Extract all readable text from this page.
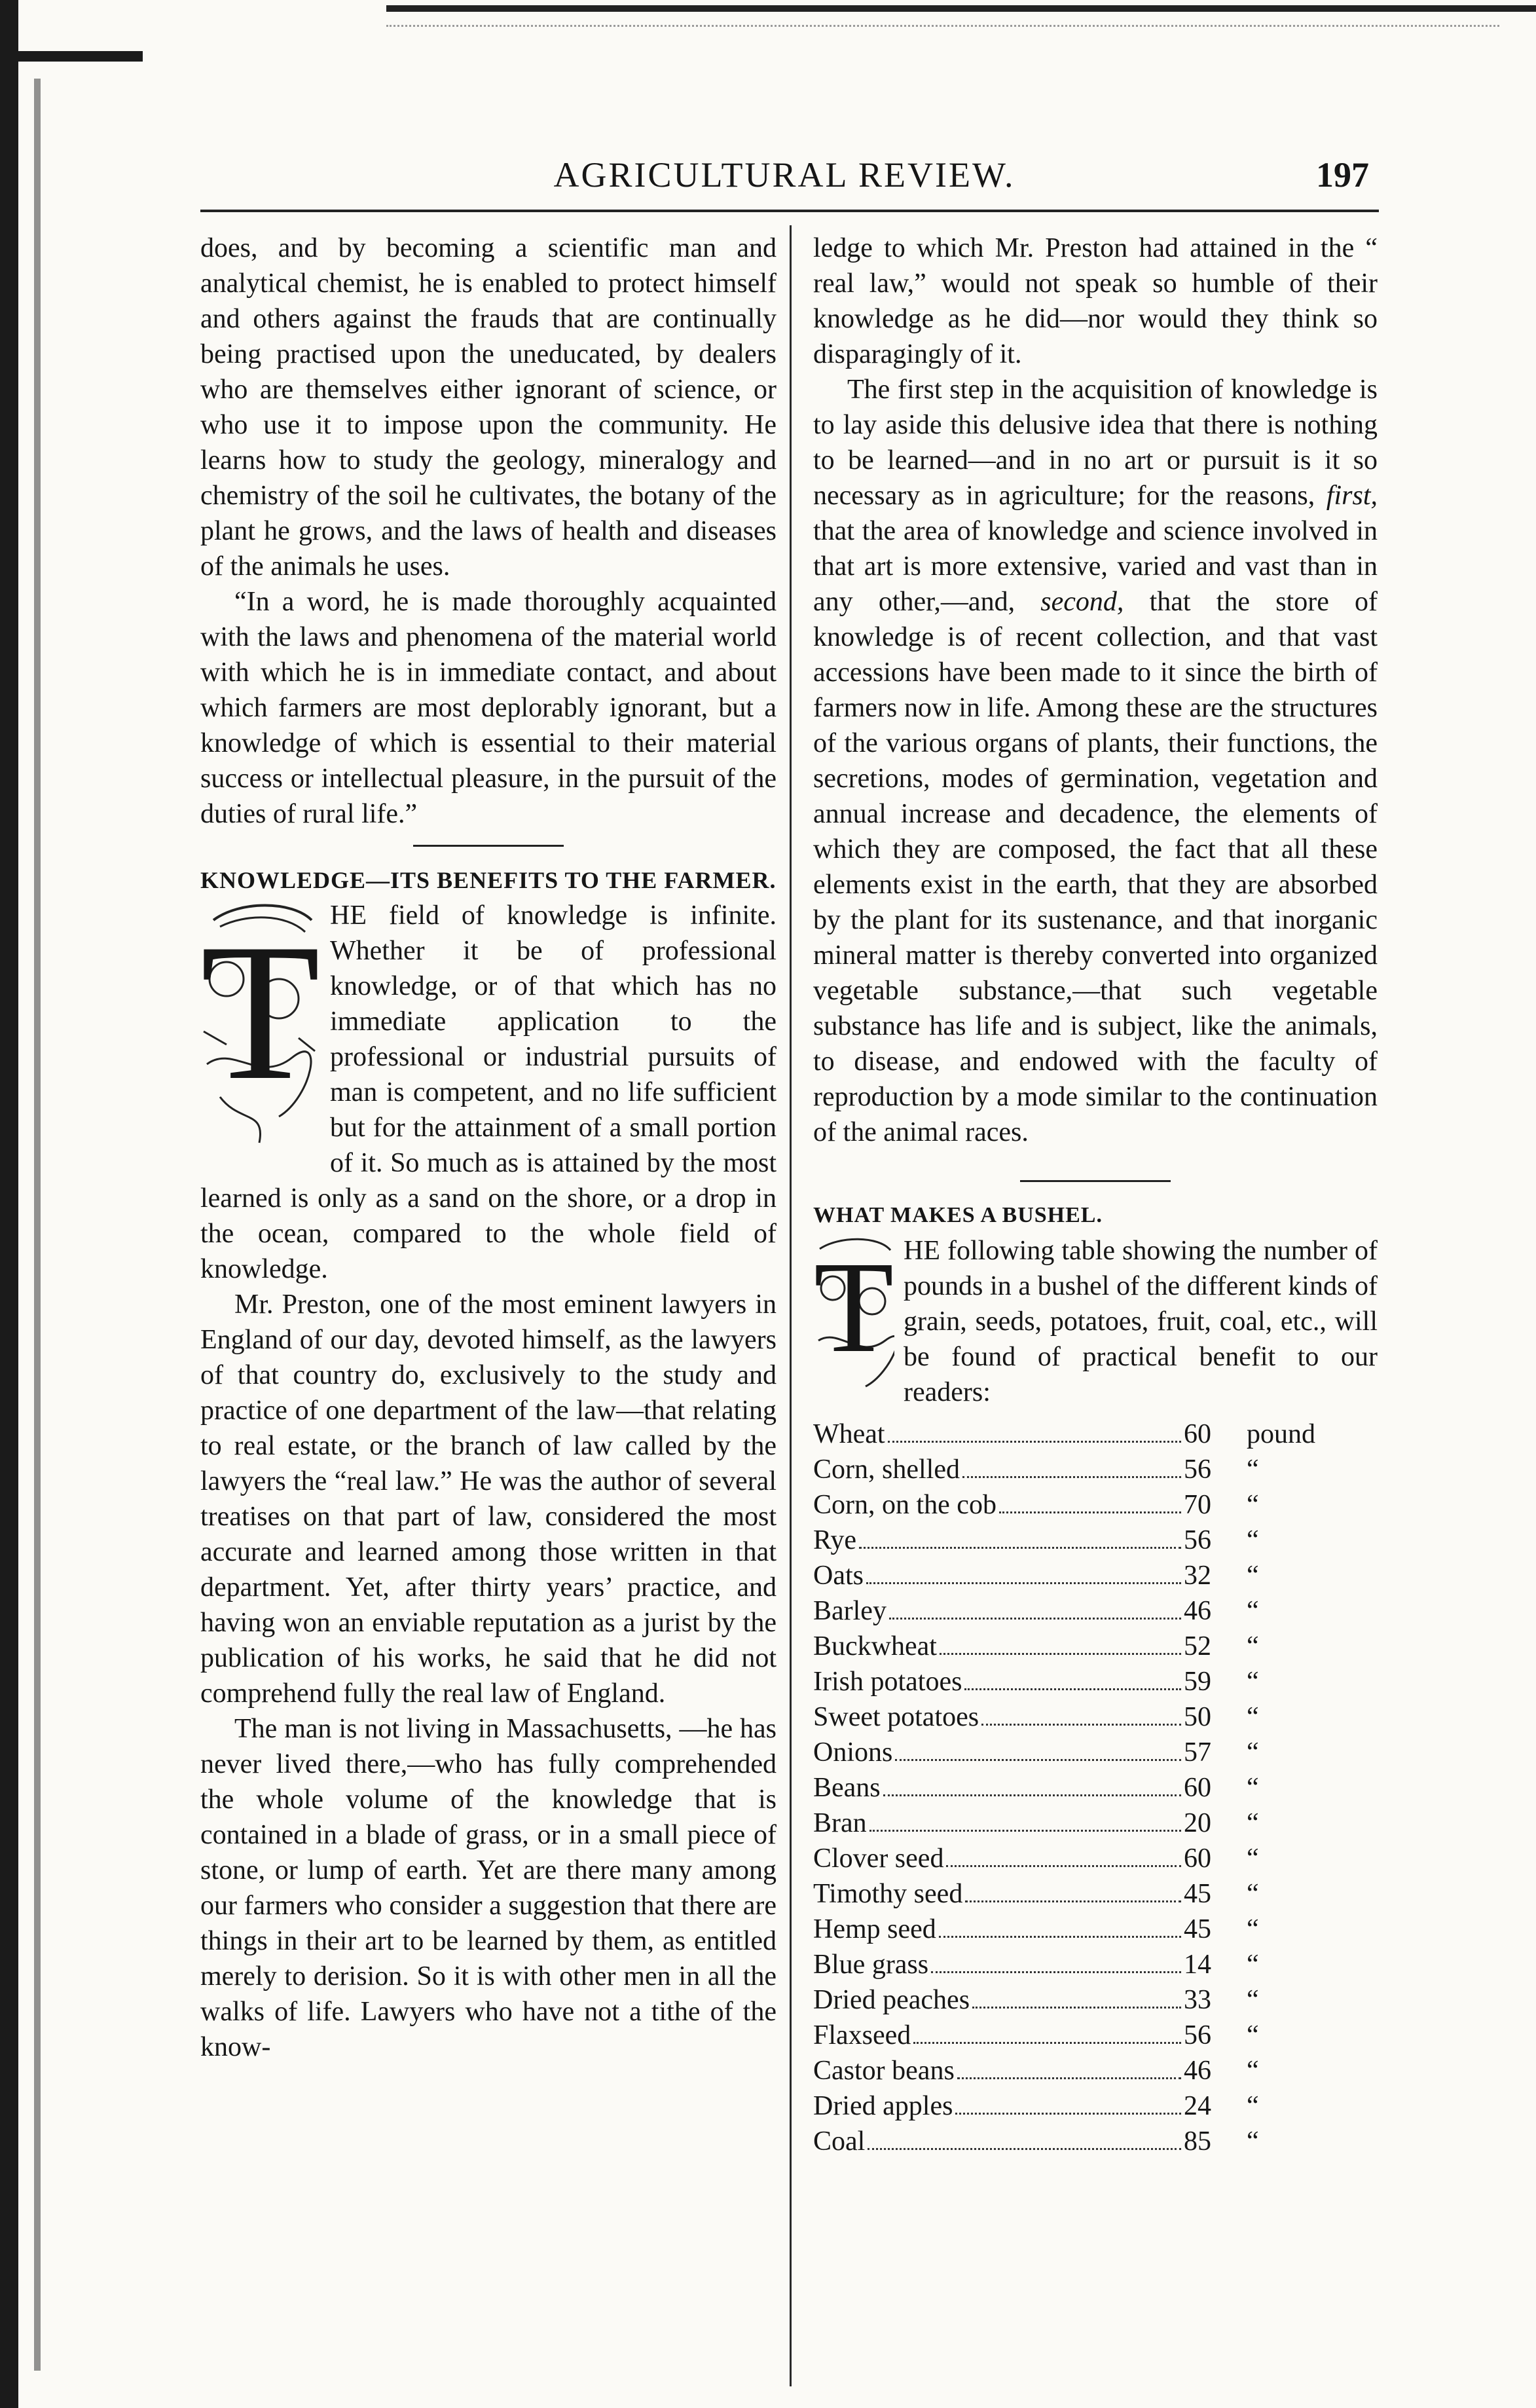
AGRICULTURAL REVIEW.	197

does, and by becoming a scientific man and analytical chemist, he is enabled to protect himself and others against the frauds that are continually being practised upon the uneducated, by dealers who are themselves either ignorant of science, or who use it to impose upon the community. He learns how to study the geology, mineralogy and chemistry of the soil he cultivates, the botany of the plant he grows, and the laws of health and diseases of the animals he uses.

“In a word, he is made thoroughly acquainted with the laws and phenomena of the material world with which he is in immediate contact, and about which farmers are most deplorably ignorant, but a knowledge of which is essential to their material success or intellectual pleasure, in the pursuit of the duties of rural life.”

KNOWLEDGE—ITS BENEFITS TO THE FARMER.

T HE field of knowledge is infinite. Whether it be of professional knowledge, or of that which has no immediate application to the professional or industrial pursuits of man is competent, and no life sufficient but for the attainment of a small portion of it. So much as is attained by the most learned is only as a sand on the shore, or a drop in the ocean, compared to the whole field of knowledge.

Mr. Preston, one of the most eminent lawyers in England of our day, devoted himself, as the lawyers of that country do, exclusively to the study and practice of one department of the law—that relating to real estate, or the branch of law called by the lawyers the “real law.” He was the author of several treatises on that part of law, considered the most accurate and learned among those written in that department. Yet, after thirty years’ practice, and having won an enviable reputation as a jurist by the publication of his works, he said that he did not comprehend fully the real law of England.

The man is not living in Massachusetts, —he has never lived there,—who has fully comprehended the whole volume of the knowledge that is contained in a blade of grass, or in a small piece of stone, or lump of earth. Yet are there many among our farmers who consider a suggestion that there are things in their art to be learned by them, as entitled merely to derision. So it is with other men in all the walks of life. Lawyers who have not a tithe of the know-

ledge to which Mr. Preston had attained in the “ real law,” would not speak so humble of their knowledge as he did—nor would they think so disparagingly of it.

The first step in the acquisition of knowledge is to lay aside this delusive idea that there is nothing to be learned—and in no art or pursuit is it so necessary as in agriculture; for the reasons, first, that the area of knowledge and science involved in that art is more extensive, varied and vast than in any other,—and, second, that the store of knowledge is of recent collection, and that vast accessions have been made to it since the birth of farmers now in life. Among these are the structures of the various organs of plants, their functions, the secretions, modes of germination, vegetation and annual increase and decadence, the elements of which they are composed, the fact that all these elements exist in the earth, that they are absorbed by the plant for its sustenance, and that inorganic mineral matter is thereby converted into organized vegetable substance,—that such vegetable substance has life and is subject, like the animals, to disease, and endowed with the faculty of reproduction by a mode similar to the continuation of the animal races.

WHAT MAKES A BUSHEL.

T HE following table showing the number of pounds in a bushel of the different kinds of grain, seeds, potatoes, fruit, coal, etc., will be found of practical benefit to our readers:

Wheat	60	pound
Corn, shelled	56	“
Corn, on the cob	70	“
Rye	56	“
Oats	32	“
Barley	46	“
Buckwheat	52	“
Irish potatoes	59	“
Sweet potatoes	50	“
Onions	57	“
Beans	60	“
Bran	20	“
Clover seed	60	“
Timothy seed	45	“
Hemp seed	45	“
Blue grass	14	“
Dried peaches	33	“
Flaxseed	56	“
Castor beans	46	“
Dried apples	24	“
Coal	85	“
